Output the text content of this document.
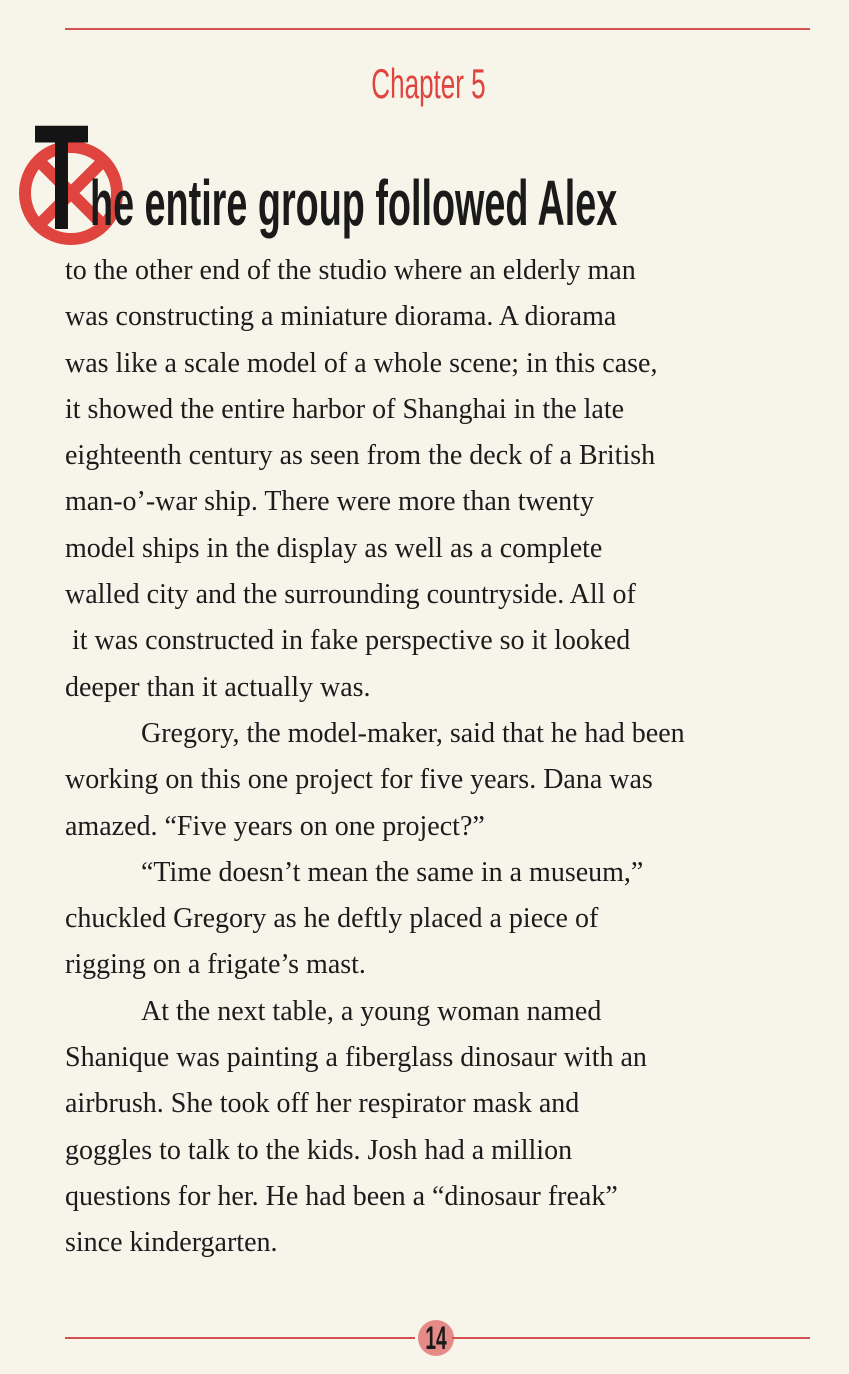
Chapter 5
T he entire group followed Alex
to the other end of the studio where an elderly man
was constructing a miniature diorama. A diorama
was like a scale model of a whole scene; in this case,
it showed the entire harbor of Shanghai in the late
eighteenth century as seen from the deck of a British
man-o’-war ship. There were more than twenty
model ships in the display as well as a complete
walled city and the surrounding countryside. All of
it was constructed in fake perspective so it looked
deeper than it actually was.
Gregory, the model-maker, said that he had been
working on this one project for five years. Dana was
amazed. “Five years on one project?”
“Time doesn’t mean the same in a museum,”
chuckled Gregory as he deftly placed a piece of
rigging on a frigate’s mast.
At the next table, a young woman named
Shanique was painting a fiberglass dinosaur with an
airbrush. She took off her respirator mask and
goggles to talk to the kids. Josh had a million
questions for her. He had been a “dinosaur freak”
since kindergarten.
14
